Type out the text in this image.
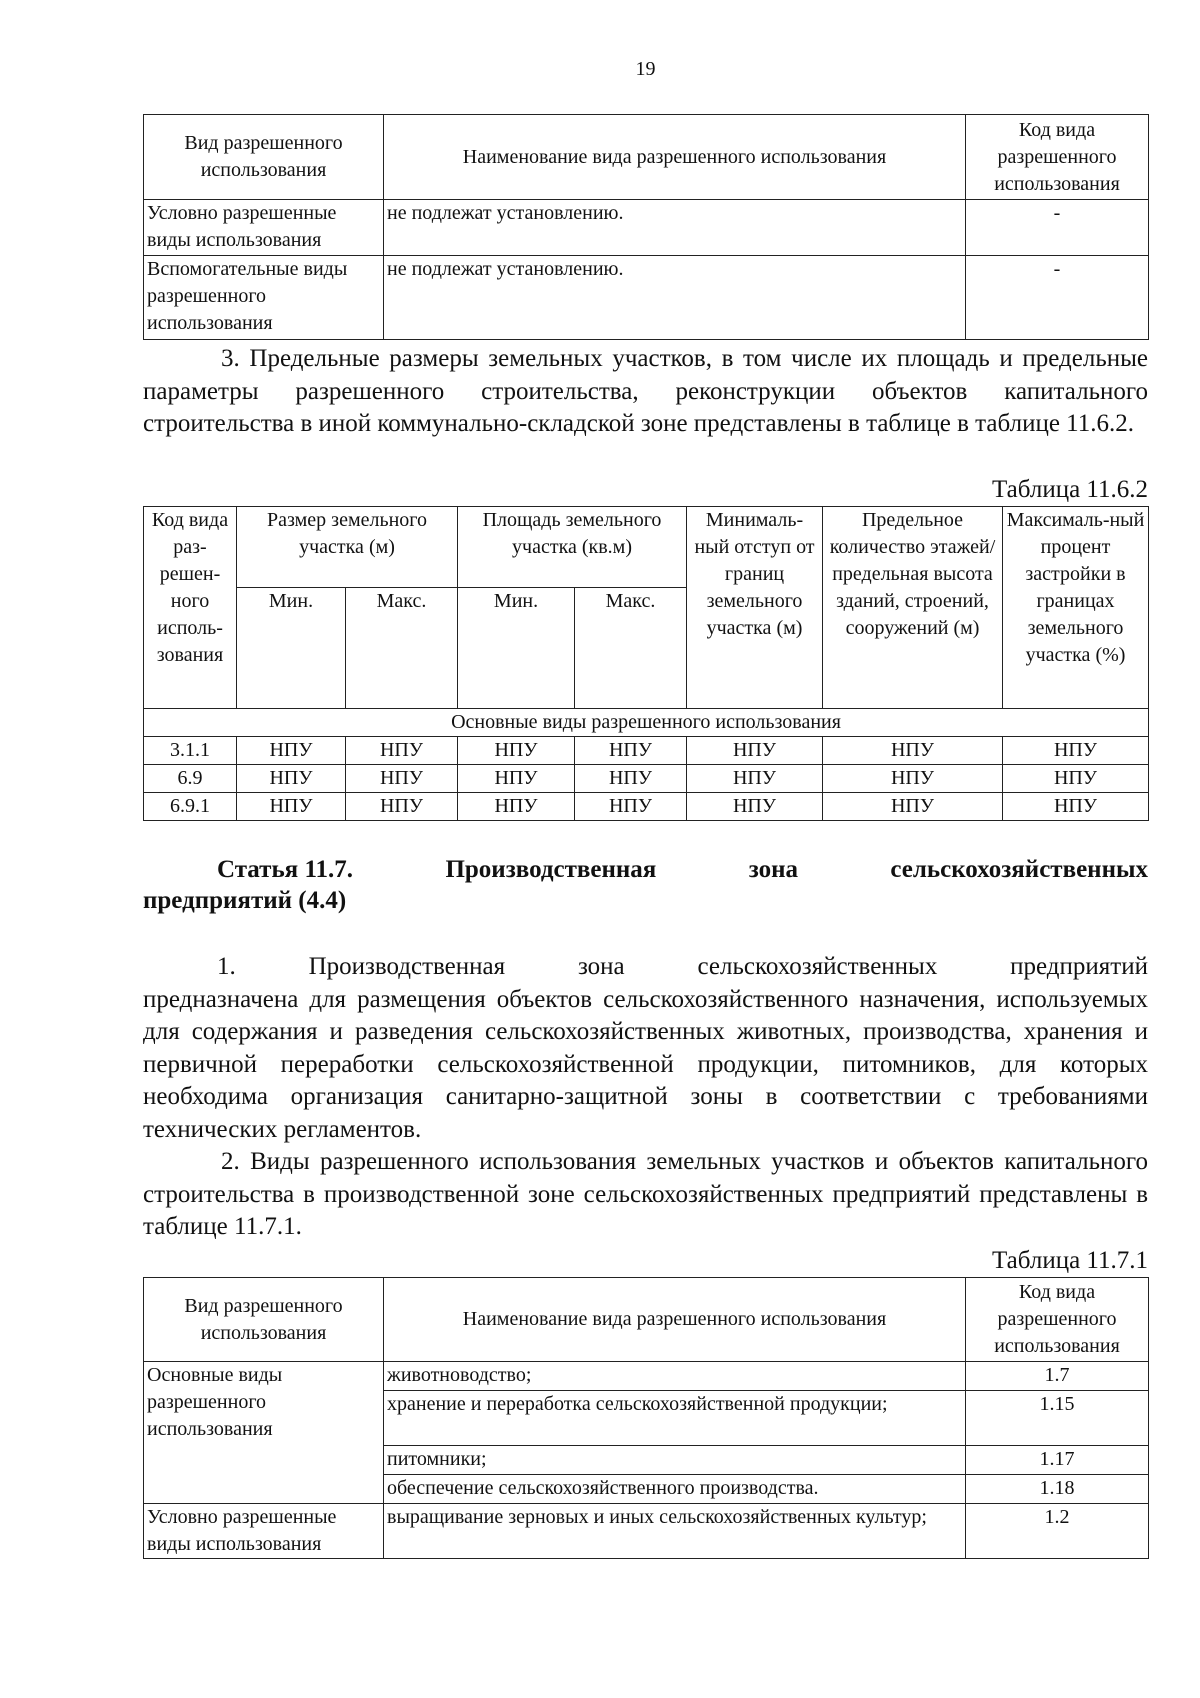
19
Вид разрешенного использования	Наименование вида разрешенного использования	Код вида разрешенного использования
Условно разрешенные виды использования	не подлежат установлению.	-
Вспомогательные виды разрешенного использования	не подлежат установлению.	-

3. Предельные размеры земельных участков, в том числе их площадь и предельные параметры разрешенного строительства, реконструкции объектов капитального строительства в иной коммунально-складской зоне представлены в таблице в таблице 11.6.2.

Таблица 11.6.2
Код вида раз-решен-ного исполь-зования	Размер земельного участка (м)		Площадь земельного участка (кв.м)		Минималь-ный отступ от границ земельного участка (м)	Предельное количество этажей/ предельная высота зданий, строений, сооружений (м)	Максималь-ный процент застройки в границах земельного участка (%)
	Мин.	Макс.	Мин.	Макс.			
Основные виды разрешенного использования							
3.1.1	НПУ	НПУ	НПУ	НПУ	НПУ	НПУ	НПУ
6.9	НПУ	НПУ	НПУ	НПУ	НПУ	НПУ	НПУ
6.9.1	НПУ	НПУ	НПУ	НПУ	НПУ	НПУ	НПУ
Статья 11.7.	Производственная	зона	сельскохозяйственных
предприятий (4.4)
1.	Производственная	зона	сельскохозяйственных	предприятий

предназначена для размещения объектов сельскохозяйственного назначения, используемых для содержания и разведения сельскохозяйственных животных, производства, хранения и первичной переработки сельскохозяйственной продукции, питомников, для которых необходима организация санитарно-защитной зоны в соответствии с требованиями технических регламентов.

2. Виды разрешенного использования земельных участков и объектов капитального строительства в производственной зоне сельскохозяйственных предприятий представлены в таблице 11.7.1.

Таблица 11.7.1
Вид разрешенного использования	Наименование вида разрешенного использования	Код вида разрешенного использования
Основные виды разрешенного использования	животноводство;	1.7
	хранение и переработка сельскохозяйственной продукции;	1.15
	питомники;	1.17
	обеспечение сельскохозяйственного производства.	1.18
Условно разрешенные виды использования	выращивание зерновых и иных сельскохозяйственных культур;	1.2
